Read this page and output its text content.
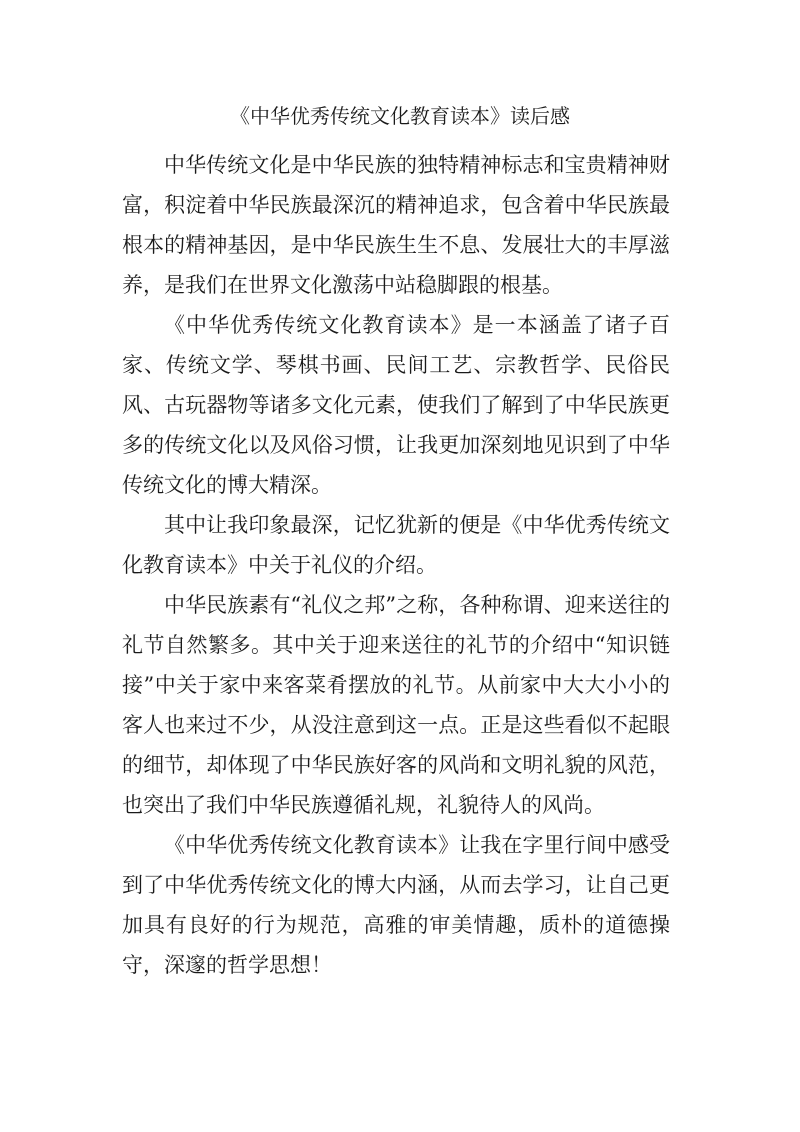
《中华优秀传统文化教育读本》读后感

中华传统文化是中华民族的独特精神标志和宝贵精神财富，积淀着中华民族最深沉的精神追求，包含着中华民族最根本的精神基因，是中华民族生生不息、发展壮大的丰厚滋养，是我们在世界文化激荡中站稳脚跟的根基。

《中华优秀传统文化教育读本》是一本涵盖了诸子百家、传统文学、琴棋书画、民间工艺、宗教哲学、民俗民风、古玩器物等诸多文化元素，使我们了解到了中华民族更多的传统文化以及风俗习惯，让我更加深刻地见识到了中华传统文化的博大精深。

其中让我印象最深，记忆犹新的便是《中华优秀传统文化教育读本》中关于礼仪的介绍。

中华民族素有“礼仪之邦”之称，各种称谓、迎来送往的礼节自然繁多。其中关于迎来送往的礼节的介绍中“知识链接”中关于家中来客菜肴摆放的礼节。从前家中大大小小的客人也来过不少，从没注意到这一点。正是这些看似不起眼的细节，却体现了中华民族好客的风尚和文明礼貌的风范，也突出了我们中华民族遵循礼规，礼貌待人的风尚。

《中华优秀传统文化教育读本》让我在字里行间中感受到了中华优秀传统文化的博大内涵，从而去学习，让自己更加具有良好的行为规范，高雅的审美情趣，质朴的道德操守，深邃的哲学思想！
